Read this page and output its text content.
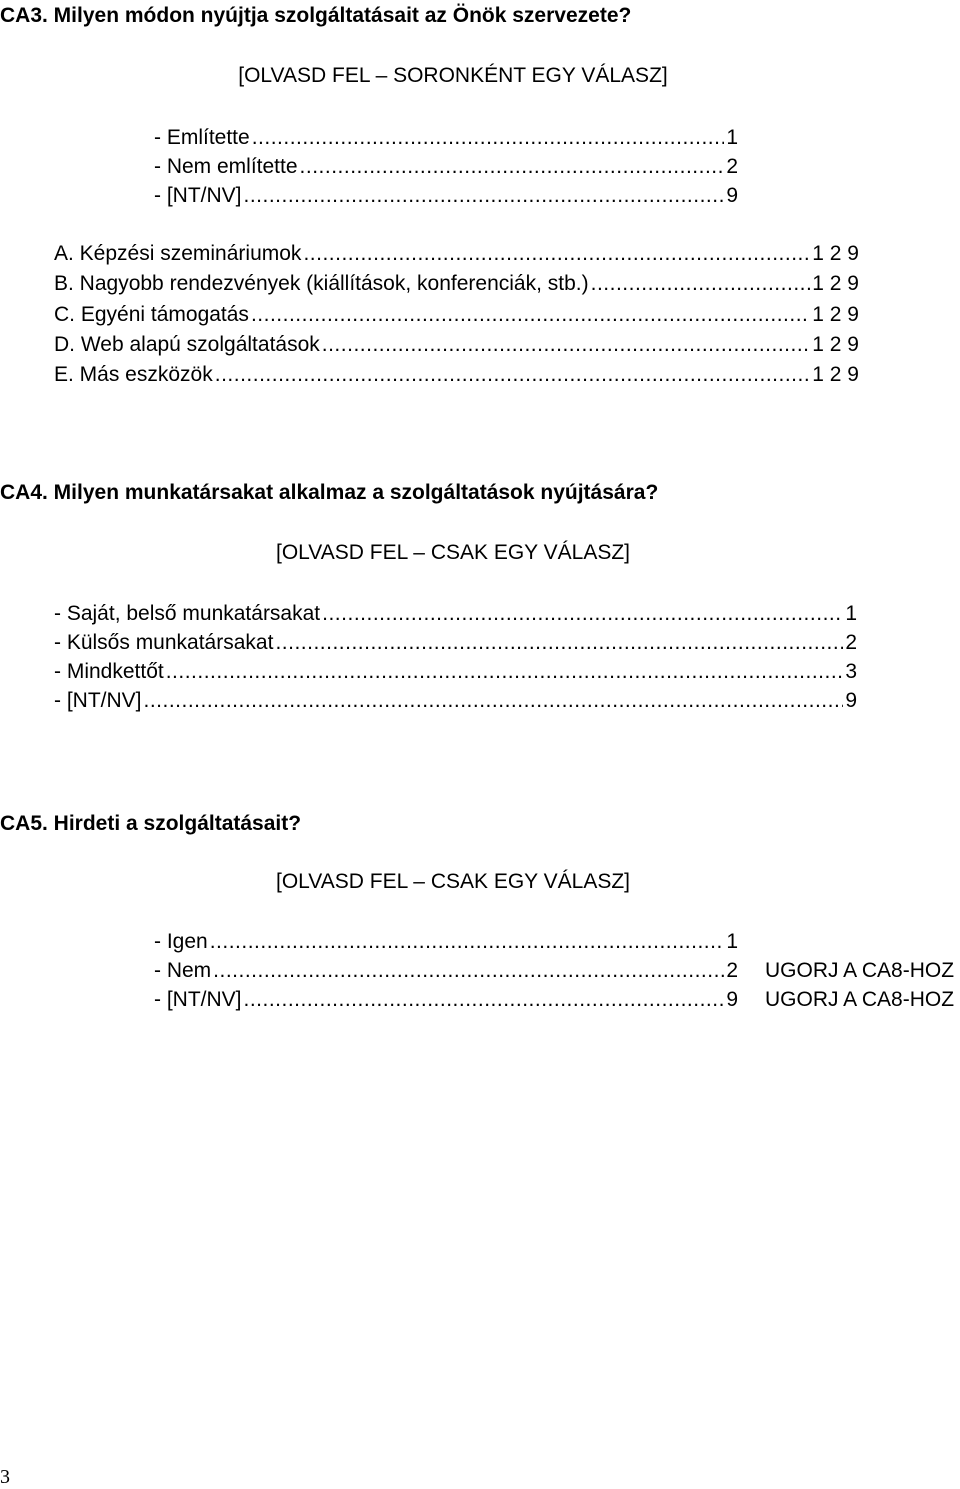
CA3. Milyen módon nyújtja szolgáltatásait az Önök szervezete?
[OLVASD FEL – SORONKÉNT EGY VÁLASZ]
- Említette .....	1
- Nem említette .....	2
- [NT/NV] .....	9
A. Képzési szemináriumok .....	1 2 9
B. Nagyobb rendezvények (kiállítások, konferenciák, stb.) .....	1 2 9
C. Egyéni támogatás .....	1 2 9
D. Web alapú szolgáltatások .....	1 2 9
E. Más eszközök .....	1 2 9
CA4. Milyen munkatársakat alkalmaz a szolgáltatások nyújtására?
[OLVASD FEL – CSAK EGY VÁLASZ]
- Saját, belső munkatársakat .....	1
- Külsős munkatársakat .....	2
- Mindkettőt .....	3
- [NT/NV] .....	9
CA5. Hirdeti a szolgáltatásait?
[OLVASD FEL – CSAK EGY VÁLASZ]
- Igen .....	1
- Nem .....	2 UGORJ A CA8-HOZ
- [NT/NV] .....	9 UGORJ A CA8-HOZ
3
